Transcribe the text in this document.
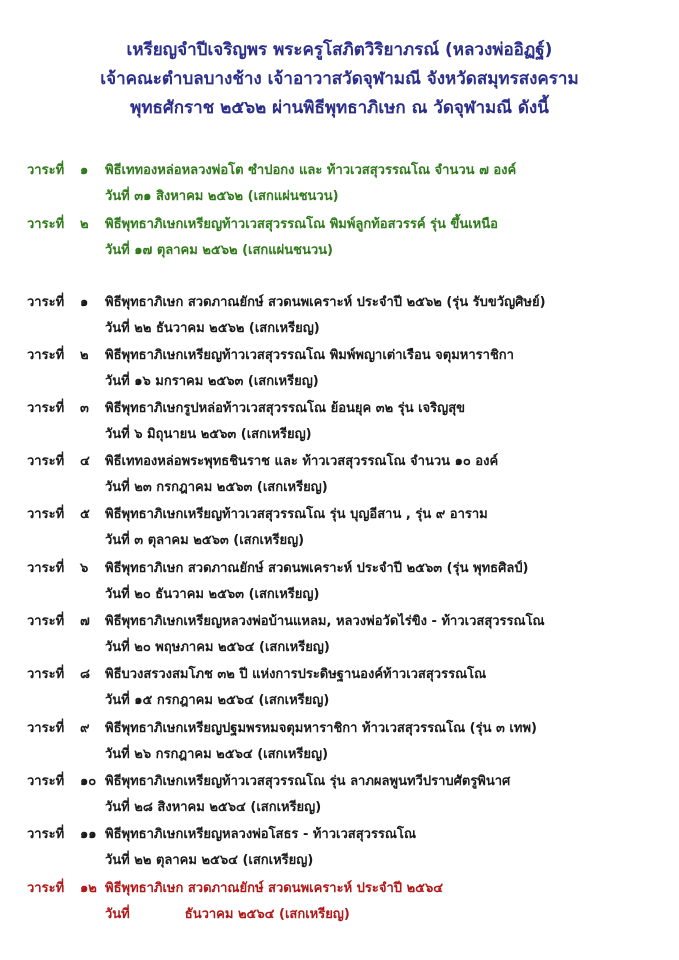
เหรียญจำปีเจริญพร พระครูโสภิตวิริยาภรณ์ (หลวงพ่ออิฏฐ์)
เจ้าคณะตำบลบางช้าง เจ้าอาวาสวัดจุฬามณี จังหวัดสมุทรสงคราม
พุทธศักราช ๒๕๖๒ ผ่านพิธีพุทธาภิเษก ณ วัดจุฬามณี ดังนี้
วาระที่	๑	พิธีเททองหล่อหลวงพ่อโต ซำปอกง และ ท้าวเวสสุวรรณโณ จำนวน ๗ องค์
วันที่ ๓๑ สิงหาคม ๒๕๖๒ (เสกแผ่นชนวน)
วาระที่	๒	พิธีพุทธาภิเษกเหรียญท้าวเวสสุวรรณโณ พิมพ์ลูกท้อสวรรค์ รุ่น ขึ้นเหนือ
วันที่ ๑๗ ตุลาคม ๒๕๖๒ (เสกแผ่นชนวน)
วาระที่	๑	พิธีพุทธาภิเษก สวดภาณยักษ์ สวดนพเคราะห์ ประจำปี ๒๕๖๒ (รุ่น รับขวัญศิษย์)
วันที่ ๒๒ ธันวาคม ๒๕๖๒ (เสกเหรียญ)
วาระที่	๒	พิธีพุทธาภิเษกเหรียญท้าวเวสสุวรรณโณ พิมพ์พญาเต่าเรือน จตุมหาราชิกา
วันที่ ๑๖ มกราคม ๒๕๖๓ (เสกเหรียญ)
วาระที่	๓	พิธีพุทธาภิเษกรูปหล่อท้าวเวสสุวรรณโณ ย้อนยุค ๓๒ รุ่น เจริญสุข
วันที่ ๖ มิถุนายน ๒๕๖๓ (เสกเหรียญ)
วาระที่	๔	พิธีเททองหล่อพระพุทธชินราช และ ท้าวเวสสุวรรณโณ จำนวน ๑๐ องค์
วันที่ ๒๓ กรกฎาคม ๒๕๖๓ (เสกเหรียญ)
วาระที่	๕	พิธีพุทธาภิเษกเหรียญท้าวเวสสุวรรณโณ รุ่น บุญอีสาน , รุ่น ๙ อาราม
วันที่ ๓ ตุลาคม ๒๕๖๓ (เสกเหรียญ)
วาระที่	๖	พิธีพุทธาภิเษก สวดภาณยักษ์ สวดนพเคราะห์ ประจำปี ๒๕๖๓ (รุ่น พุทธศิลป์)
วันที่ ๒๐ ธันวาคม ๒๕๖๓ (เสกเหรียญ)
วาระที่	๗	พิธีพุทธาภิเษกเหรียญหลวงพ่อบ้านแหลม, หลวงพ่อวัดไร่ขิง - ท้าวเวสสุวรรณโณ
วันที่ ๒๐ พฤษภาคม ๒๕๖๔ (เสกเหรียญ)
วาระที่	๘	พิธีบวงสรวงสมโภช ๓๒ ปี แห่งการประดิษฐานองค์ท้าวเวสสุวรรณโณ
วันที่ ๑๕ กรกฎาคม ๒๕๖๔ (เสกเหรียญ)
วาระที่	๙	พิธีพุทธาภิเษกเหรียญปฐมพรหมจตุมหาราชิกา ท้าวเวสสุวรรณโณ (รุ่น ๓ เทพ)
วันที่ ๒๖ กรกฎาคม ๒๕๖๔ (เสกเหรียญ)
วาระที่	๑๐ พิธีพุทธาภิเษกเหรียญท้าวเวสสุวรรณโณ รุ่น ลาภผลพูนทวีปราบศัตรูพินาศ
วันที่ ๒๘ สิงหาคม ๒๕๖๔ (เสกเหรียญ)
วาระที่	๑๑ พิธีพุทธาภิเษกเหรียญหลวงพ่อโสธร - ท้าวเวสสุวรรณโณ
วันที่ ๒๒ ตุลาคม ๒๕๖๔ (เสกเหรียญ)
วาระที่	๑๒ พิธีพุทธาภิเษก สวดภาณยักษ์ สวดนพเคราะห์ ประจำปี ๒๕๖๔
วันที่	ธันวาคม ๒๕๖๔ (เสกเหรียญ)
